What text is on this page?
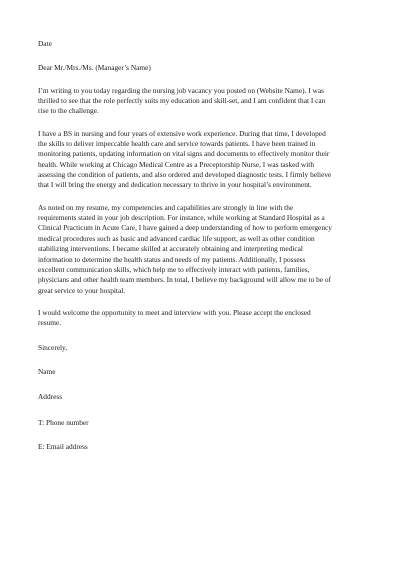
Date
Dear Mr./Mrs./Ms. (Manager’s Name)
I’m writing to you today regarding the nursing job vacancy you posted on (Website Name). I was
thrilled to see that the role perfectly suits my education and skill-set, and I am confident that I can
rise to the challenge.
I have a BS in nursing and four years of extensive work experience. During that time, I developed
the skills to deliver impeccable health care and service towards patients. I have been trained in
monitoring patients, updating information on vital signs and documents to effectively monitor their
health. While working at Chicago Medical Centre as a Preceptorship Nurse, I was tasked with
assessing the condition of patients, and also ordered and developed diagnostic tests. I firmly believe
that I will bring the energy and dedication necessary to thrive in your hospital’s environment.
As noted on my resume, my competencies and capabilities are strongly in line with the
requirements stated in your job description. For instance, while working at Standard Hospital as a
Clinical Practicum in Acute Care, I have gained a deep understanding of how to perform emergency
medical procedures such as basic and advanced cardiac life support, as well as other condition
stabilizing interventions. I became skilled at accurately obtaining and interpreting medical
information to determine the health status and needs of my patients. Additionally, I possess
excellent communication skills, which help me to effectively interact with patients, families,
physicians and other health team members. In total, I believe my background will allow me to be of
great service to your hospital.
I would welcome the opportunity to meet and interview with you. Please accept the enclosed
resume.
Sincerely,
Name
Address
T: Phone number
E: Email address
